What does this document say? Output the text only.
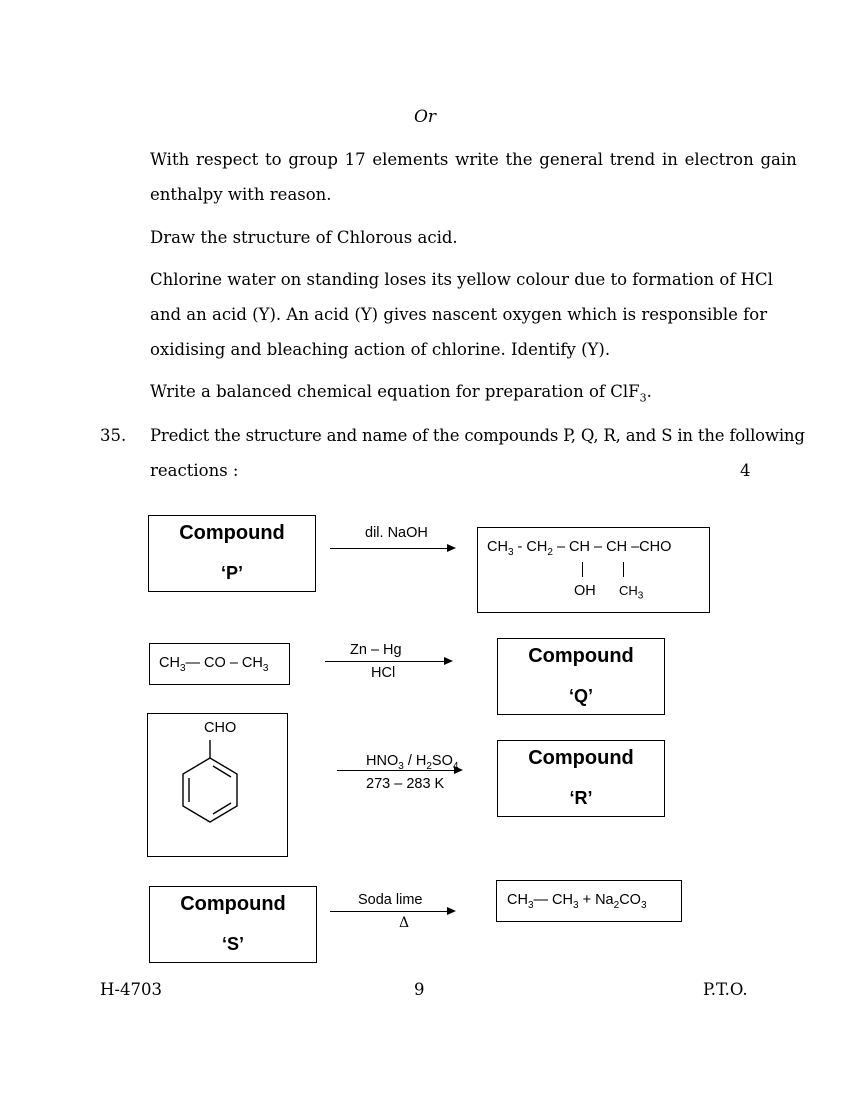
Or
With respect to group 17 elements write the general trend in electron gain
enthalpy with reason.
Draw the structure of Chlorous acid.
Chlorine water on standing loses its yellow colour due to formation of HCl
and an acid (Y). An acid (Y) gives nascent oxygen which is responsible for
oxidising and bleaching action of chlorine. Identify (Y).
Write a balanced chemical equation for preparation of ClF$_3$.
35. Predict the structure and name of the compounds P, Q, R, and S in the following
reactions :	4
Compound
‘P’
dil. NaOH
$CH_3 - CH_2$ – CH – CH –CHO
OH $CH_3$
$CH_3—$ CO – $CH_3$
Zn – Hg
HCl
Compound
‘Q’
CHO
$HNO_3 / H_2SO_4$
273 – 283 K
Compound
‘R’
Compound
‘S’
Soda lime
Δ
$CH_3—$ $CH_3 + Na_2CO_3$
H-4703	9	P.T.O.
